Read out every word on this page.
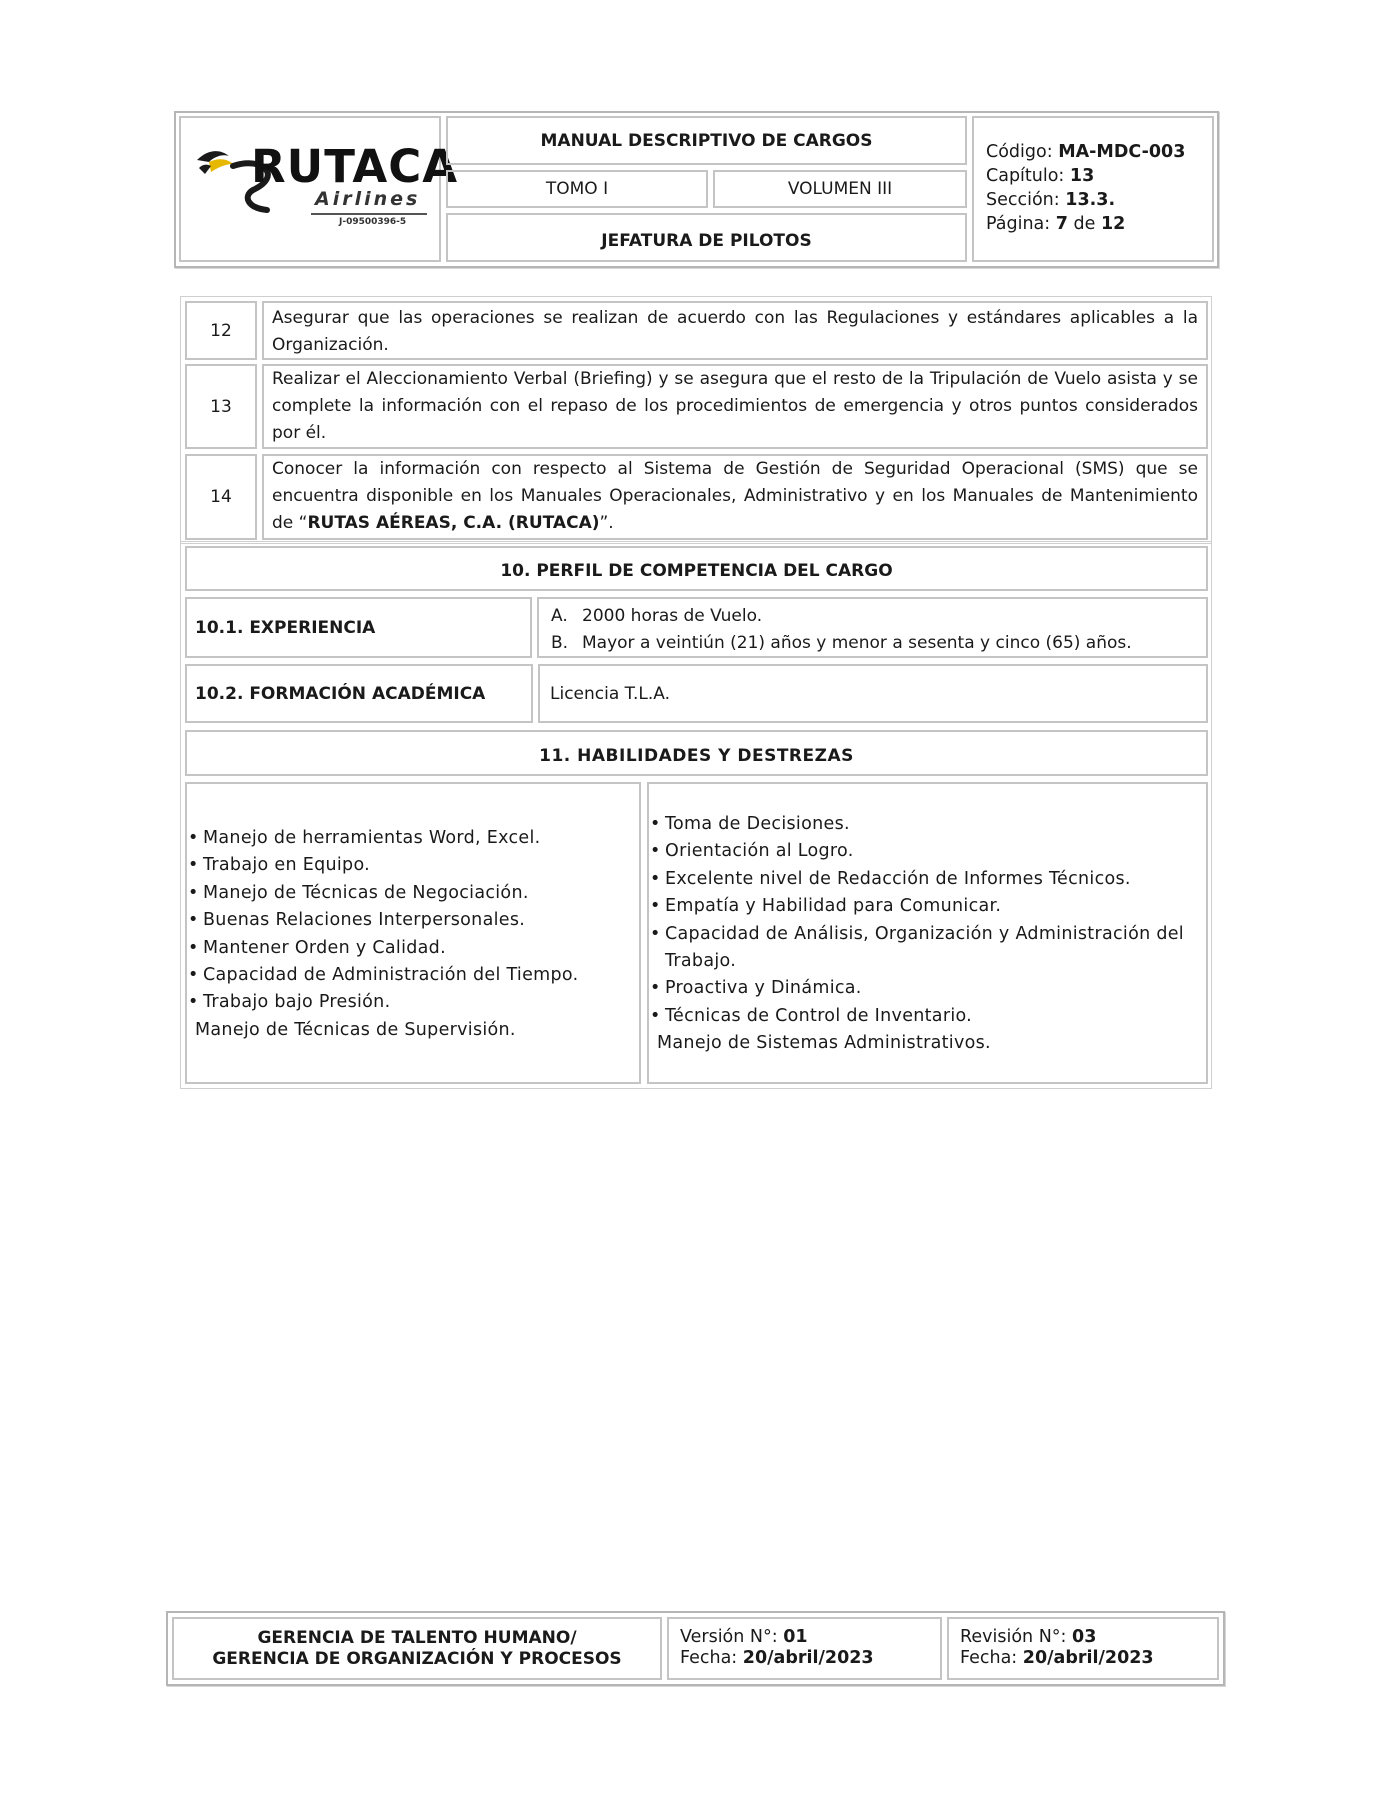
RUTACA
Airlines
J-09500396-5
MANUAL DESCRIPTIVO DE CARGOS
TOMO I	VOLUMEN III
JEFATURA DE PILOTOS
Código: MA-MDC-003
Capítulo: 13
Sección: 13.3.
Página: 7 de 12
12
Asegurar que las operaciones se realizan de acuerdo con las Regulaciones y estándares aplicables a la Organización.
13
Realizar el Aleccionamiento Verbal (Briefing) y se asegura que el resto de la Tripulación de Vuelo asista y se complete la información con el repaso de los procedimientos de emergencia y otros puntos considerados por él.
14
Conocer la información con respecto al Sistema de Gestión de Seguridad Operacional (SMS) que se encuentra disponible en los Manuales Operacionales, Administrativo y en los Manuales de Mantenimiento de “RUTAS AÉREAS, C.A. (RUTACA)”.
10. PERFIL DE COMPETENCIA DEL CARGO
10.1. EXPERIENCIA
A. 2000 horas de Vuelo.
B. Mayor a veintiún (21) años y menor a sesenta y cinco (65) años.
10.2. FORMACIÓN ACADÉMICA	Licencia T.L.A.
11. HABILIDADES Y DESTREZAS
• Manejo de herramientas Word, Excel.
• Trabajo en Equipo.
• Manejo de Técnicas de Negociación.
• Buenas Relaciones Interpersonales.
• Mantener Orden y Calidad.
• Capacidad de Administración del Tiempo.
• Trabajo bajo Presión.
Manejo de Técnicas de Supervisión.
• Toma de Decisiones.
• Orientación al Logro.
• Excelente nivel de Redacción de Informes Técnicos.
• Empatía y Habilidad para Comunicar.
• Capacidad de Análisis, Organización y Administración del Trabajo.
• Proactiva y Dinámica.
• Técnicas de Control de Inventario.
Manejo de Sistemas Administrativos.
GERENCIA DE TALENTO HUMANO/
GERENCIA DE ORGANIZACIÓN Y PROCESOS
Versión N°: 01
Fecha: 20/abril/2023
Revisión N°: 03
Fecha: 20/abril/2023
